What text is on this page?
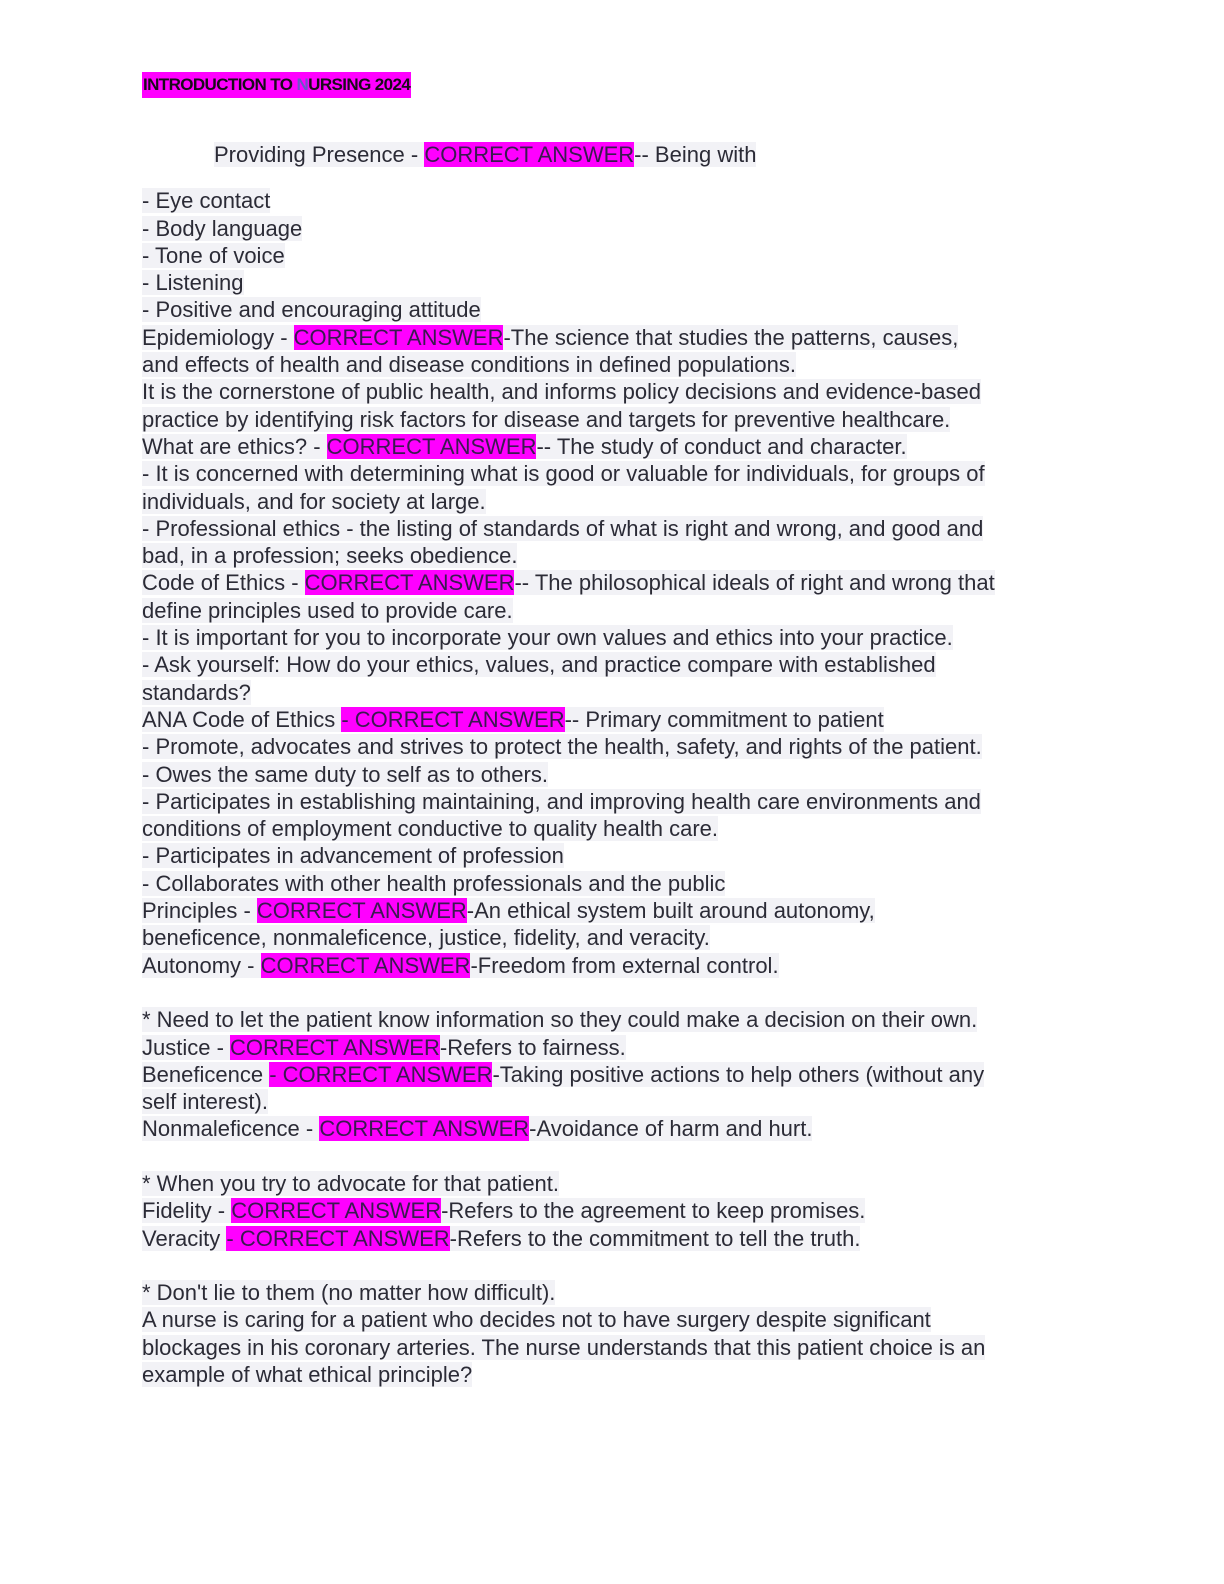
INTRODUCTION TO NURSING 2024
Providing Presence - CORRECT ANSWER-- Being with
- Eye contact
- Body language
- Tone of voice
- Listening
- Positive and encouraging attitude
Epidemiology - CORRECT ANSWER-The science that studies the patterns, causes,
and effects of health and disease conditions in defined populations.
It is the cornerstone of public health, and informs policy decisions and evidence-based
practice by identifying risk factors for disease and targets for preventive healthcare.
What are ethics? - CORRECT ANSWER-- The study of conduct and character.
- It is concerned with determining what is good or valuable for individuals, for groups of
individuals, and for society at large.
- Professional ethics - the listing of standards of what is right and wrong, and good and
bad, in a profession; seeks obedience.
Code of Ethics - CORRECT ANSWER-- The philosophical ideals of right and wrong that
define principles used to provide care.
- It is important for you to incorporate your own values and ethics into your practice.
- Ask yourself: How do your ethics, values, and practice compare with established
standards?
ANA Code of Ethics - CORRECT ANSWER-- Primary commitment to patient
- Promote, advocates and strives to protect the health, safety, and rights of the patient.
- Owes the same duty to self as to others.
- Participates in establishing maintaining, and improving health care environments and
conditions of employment conductive to quality health care.
- Participates in advancement of profession
- Collaborates with other health professionals and the public
Principles - CORRECT ANSWER-An ethical system built around autonomy,
beneficence, nonmaleficence, justice, fidelity, and veracity.
Autonomy - CORRECT ANSWER-Freedom from external control.
* Need to let the patient know information so they could make a decision on their own.
Justice - CORRECT ANSWER-Refers to fairness.
Beneficence - CORRECT ANSWER-Taking positive actions to help others (without any
self interest).
Nonmaleficence - CORRECT ANSWER-Avoidance of harm and hurt.
* When you try to advocate for that patient.
Fidelity - CORRECT ANSWER-Refers to the agreement to keep promises.
Veracity - CORRECT ANSWER-Refers to the commitment to tell the truth.
* Don't lie to them (no matter how difficult).
A nurse is caring for a patient who decides not to have surgery despite significant
blockages in his coronary arteries. The nurse understands that this patient choice is an
example of what ethical principle?
